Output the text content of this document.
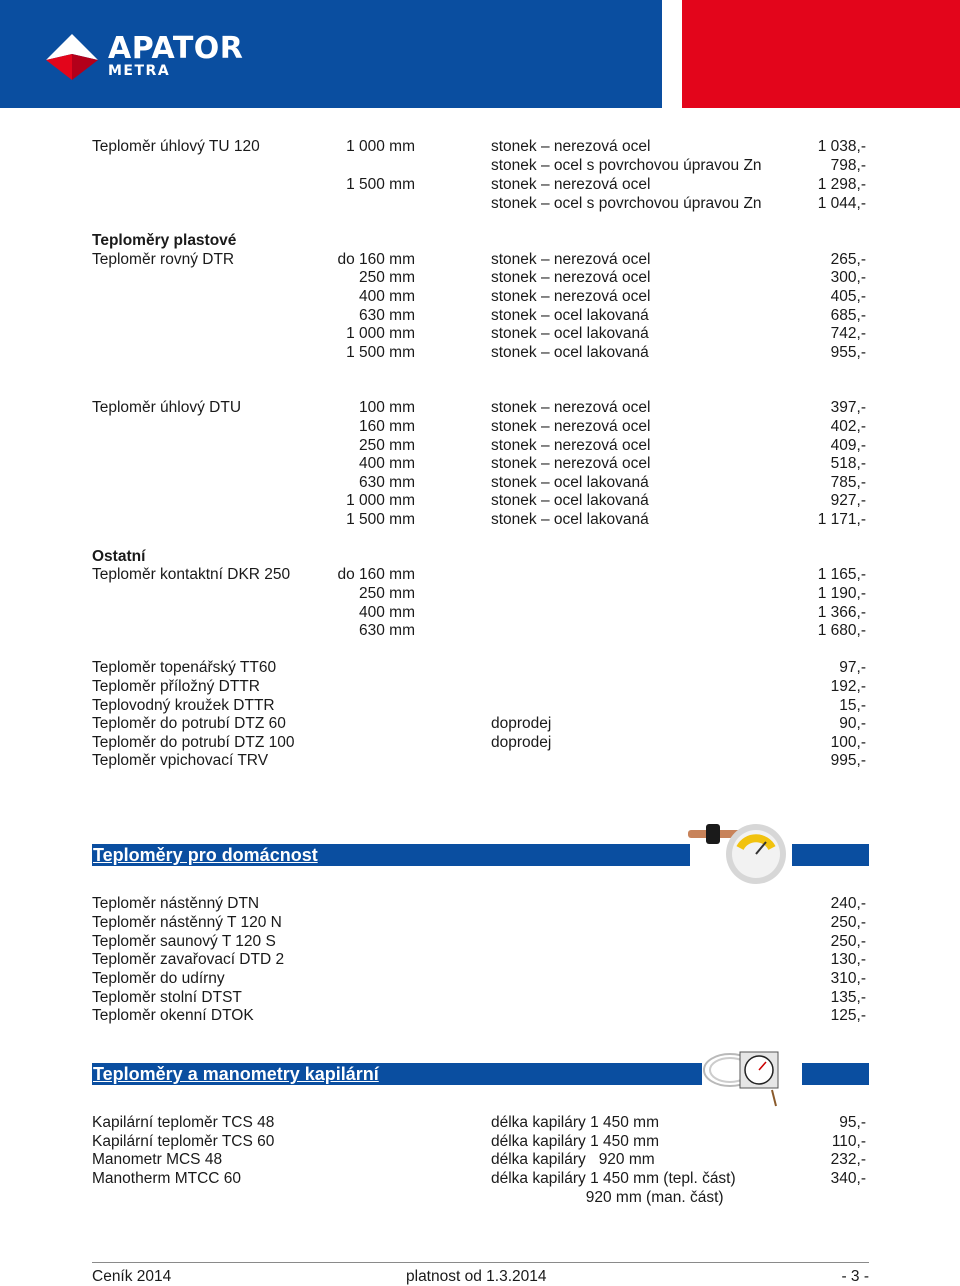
APATOR
METRA
Teploměr úhlový TU 120	1 000 mm	stonek – nerezová ocel	1 038,-
stonek – ocel s povrchovou úpravou Zn	798,-
1 500 mm	stonek – nerezová ocel	1 298,-
stonek – ocel s povrchovou úpravou Zn	1 044,-
Teploměry plastové
Teploměr rovný DTR	do 160 mm	stonek – nerezová ocel	265,-
250 mm	stonek – nerezová ocel	300,-
400 mm	stonek – nerezová ocel	405,-
630 mm	stonek – ocel lakovaná	685,-
1 000 mm	stonek – ocel lakovaná	742,-
1 500 mm	stonek – ocel lakovaná	955,-
Teploměr úhlový DTU	100 mm	stonek – nerezová ocel	397,-
160 mm	stonek – nerezová ocel	402,-
250 mm	stonek – nerezová ocel	409,-
400 mm	stonek – nerezová ocel	518,-
630 mm	stonek – ocel lakovaná	785,-
1 000 mm	stonek – ocel lakovaná	927,-
1 500 mm	stonek – ocel lakovaná	1 171,-
Ostatní
Teploměr kontaktní DKR 250	do 160 mm	1 165,-
250 mm	1 190,-
400 mm	1 366,-
630 mm	1 680,-
Teploměr topenářský TT60	97,-
Teploměr příložný DTTR	192,-
Teplovodný kroužek DTTR	15,-
Teploměr do potrubí DTZ 60	doprodej	90,-
Teploměr do potrubí DTZ 100	doprodej	100,-
Teploměr vpichovací TRV	995,-
Teploměr nástěnný DTN	240,-
Teploměr nástěnný T 120 N	250,-
Teploměr saunový T 120 S	250,-
Teploměr zavařovací DTD 2	130,-
Teploměr do udírny	310,-
Teploměr stolní DTST	135,-
Teploměr okenní DTOK	125,-
Kapilární teploměr TCS 48	délka kapiláry 1 450 mm	95,-
Kapilární teploměr TCS 60	délka kapiláry 1 450 mm	110,-
Manometr MCS 48	délka kapiláry   920 mm	232,-
Manotherm MTCC 60	délka kapiláry 1 450 mm (tepl. část)	340,-
920 mm (man. část)
Teploměry pro domácnost
Teploměry a manometry kapilární
Ceník 2014	platnost od 1.3.2014	- 3 -
